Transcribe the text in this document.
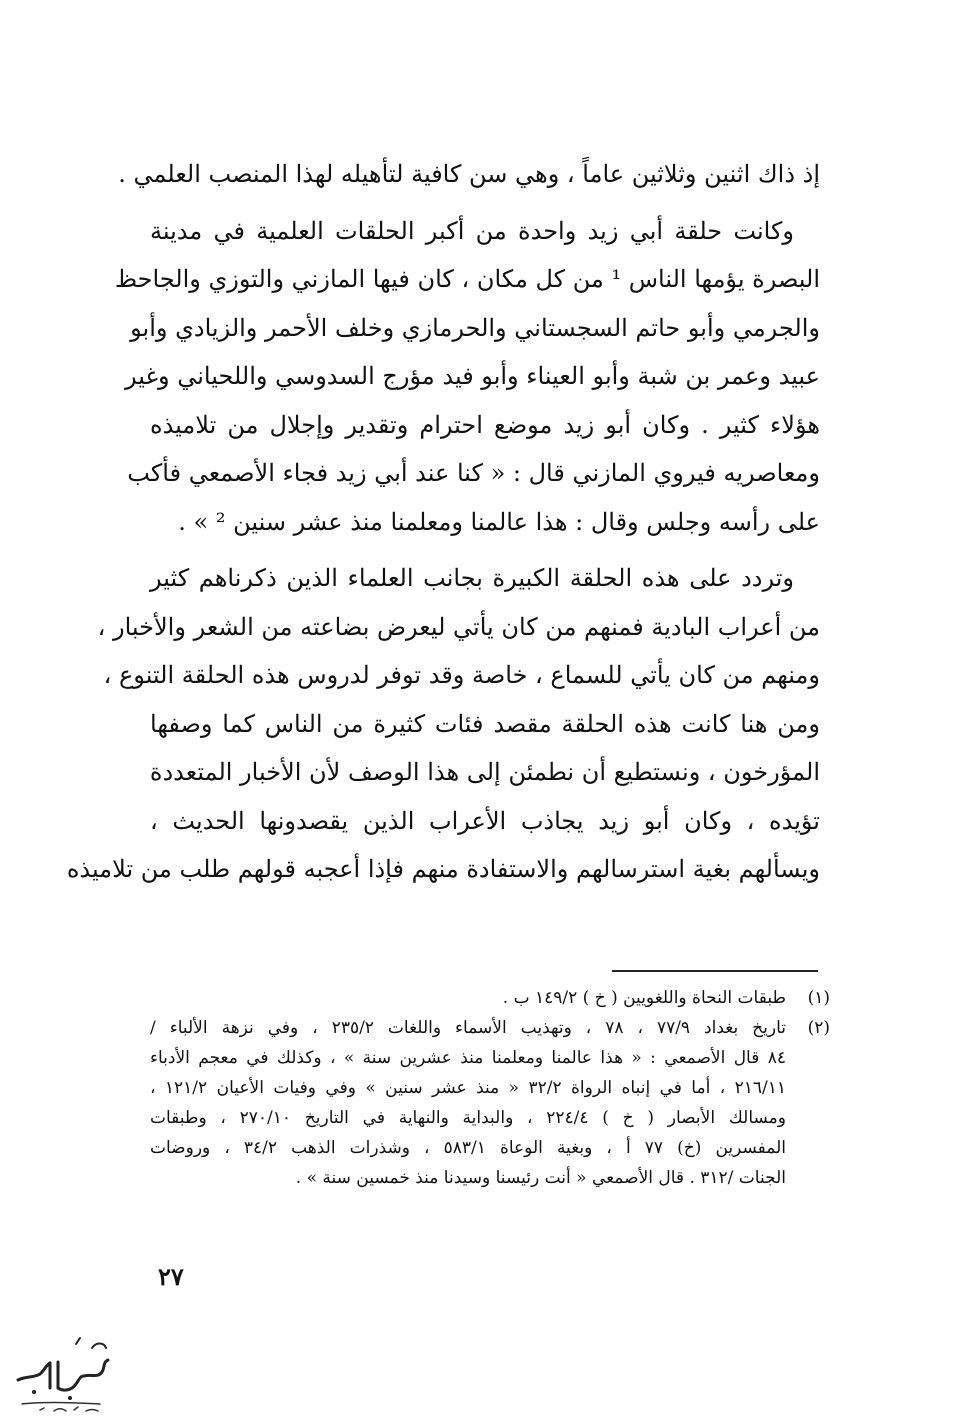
إذ ذاك اثنين وثلاثين عاماً ، وهي سن كافية لتأهيله لهذا المنصب العلمي .
وكانت حلقة أبي زيد واحدة من أكبر الحلقات العلمية في مدينة
البصرة يؤمها الناس ¹ من كل مكان ، كان فيها المازني والتوزي والجاحظ
والجرمي وأبو حاتم السجستاني والحرمازي وخلف الأحمر والزيادي وأبو
عبيد وعمر بن شبة وأبو العيناء وأبو فيد مؤرج السدوسي واللحياني وغير
هؤلاء كثير . وكان أبو زيد موضع احترام وتقدير وإجلال من تلاميذه
ومعاصريه فيروي المازني قال : « كنا عند أبي زيد فجاء الأصمعي فأكب
على رأسه وجلس وقال : هذا عالمنا ومعلمنا منذ عشر سنين ² » .
وتردد على هذه الحلقة الكبيرة بجانب العلماء الذين ذكرناهم كثير
من أعراب البادية فمنهم من كان يأتي ليعرض بضاعته من الشعر والأخبار ،
ومنهم من كان يأتي للسماع ، خاصة وقد توفر لدروس هذه الحلقة التنوع ،
ومن هنا كانت هذه الحلقة مقصد فئات كثيرة من الناس كما وصفها
المؤرخون ، ونستطيع أن نطمئن إلى هذا الوصف لأن الأخبار المتعددة
تؤيده ، وكان أبو زيد يجاذب الأعراب الذين يقصدونها الحديث ،
ويسألهم بغية استرسالهم والاستفادة منهم فإذا أعجبه قولهم طلب من تلاميذه
(١)
طبقات النحاة واللغويين ( خ ) ١٤٩/٢ ب .
(٢)
تاريخ بغداد ٧٧/٩ ، ٧٨ ، وتهذيب الأسماء واللغات ٢٣٥/٢ ، وفي نزهة الألباء /
٨٤ قال الأصمعي : « هذا عالمنا ومعلمنا منذ عشرين سنة » ، وكذلك في معجم الأدباء
٢١٦/١١ ، أما في إنباه الرواة ٣٢/٢ « منذ عشر سنين » وفي وفيات الأعيان ١٢١/٢ ،
ومسالك الأبصار ( خ ) ٢٢٤/٤ ، والبداية والنهاية في التاريخ ٢٧٠/١٠ ، وطبقات
المفسرين (خ) ٧٧ أ ، وبغية الوعاة ٥٨٣/١ ، وشذرات الذهب ٣٤/٢ ، وروضات
الجنات /٣١٢ . قال الأصمعي « أنت رئيسنا وسيدنا منذ خمسين سنة » .
٢٧
